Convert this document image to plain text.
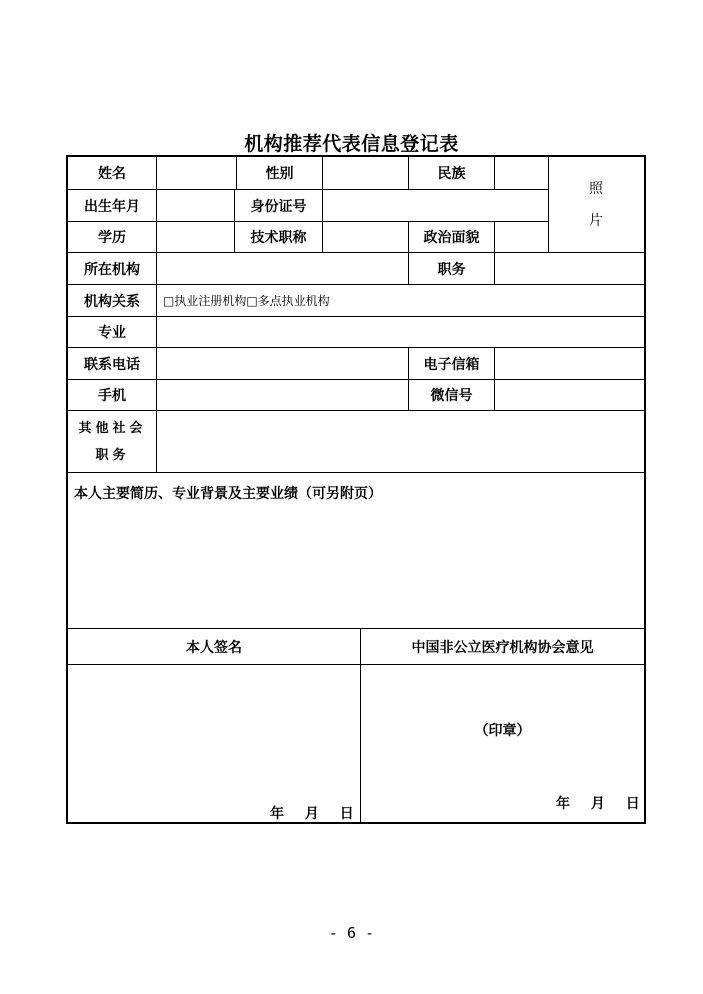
机构推荐代表信息登记表
姓名	性别	民族
出生年月	身份证号
学历	技术职称	政治面貌
照
片
所在机构	职务
机构关系	□执业注册机构□多点执业机构
专业
联系电话	电子信箱
手机	微信号
其他社会
职务
本人主要简历、专业背景及主要业绩（可另附页）
本人签名	中国非公立医疗机构协会意见
（印章）
年 月 日
年 月 日
- 6 -
